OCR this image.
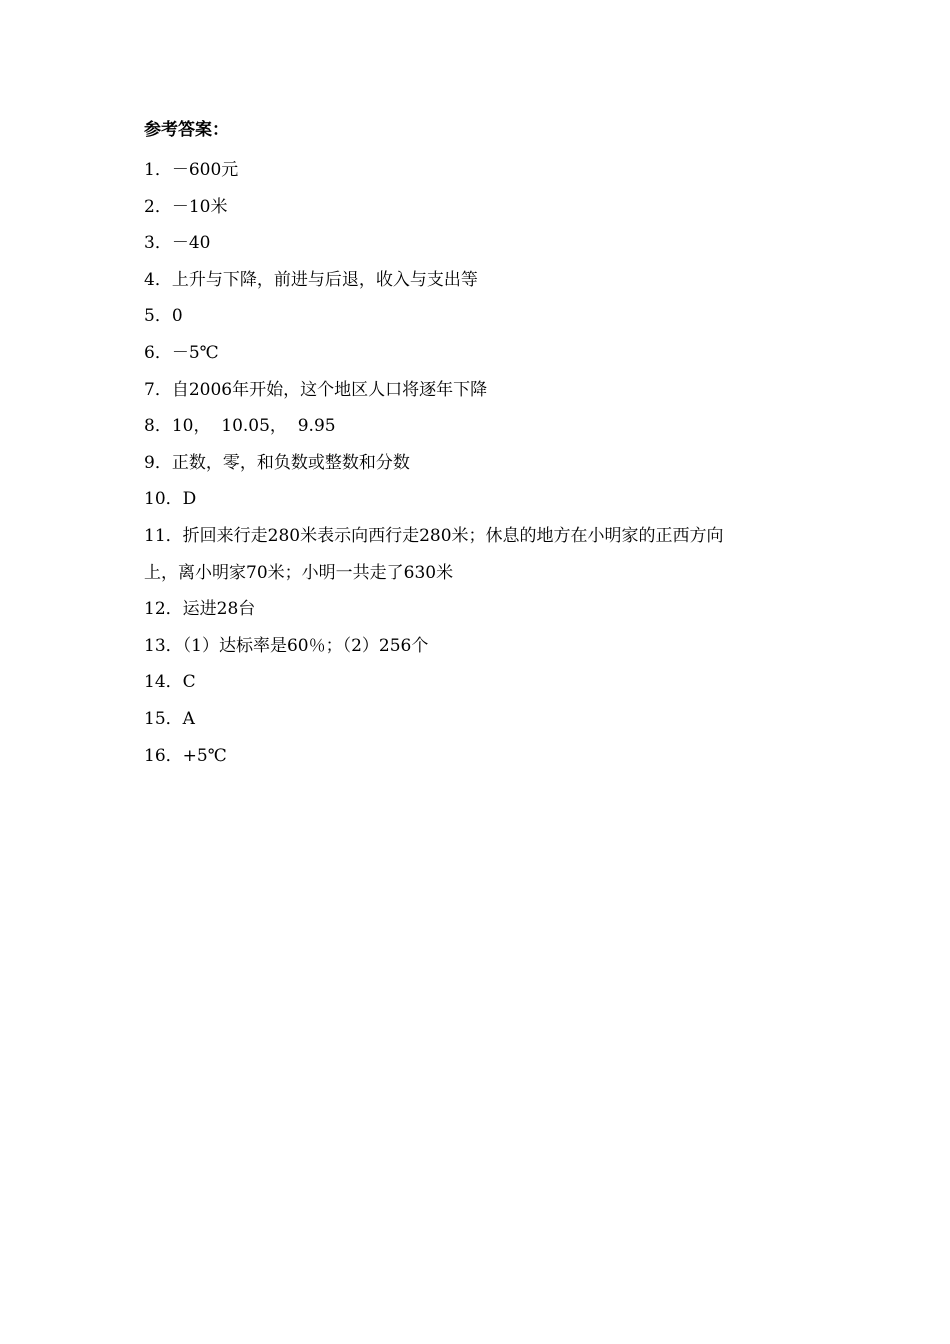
参考答案：
1．－600元
2．－10米
3．－40
4．上升与下降，前进与后退，收入与支出等
5．0
6．－5℃
7．自2006年开始，这个地区人口将逐年下降
8．10，  10.05，  9.95
9．正数，零，和负数或整数和分数
10．D
11．折回来行走280米表示向西行走280米；休息的地方在小明家的正西方向
上，离小明家70米；小明一共走了630米
12．运进28台
13．（1）达标率是60％；（2）256个
14．C
15．A
16．+5℃
